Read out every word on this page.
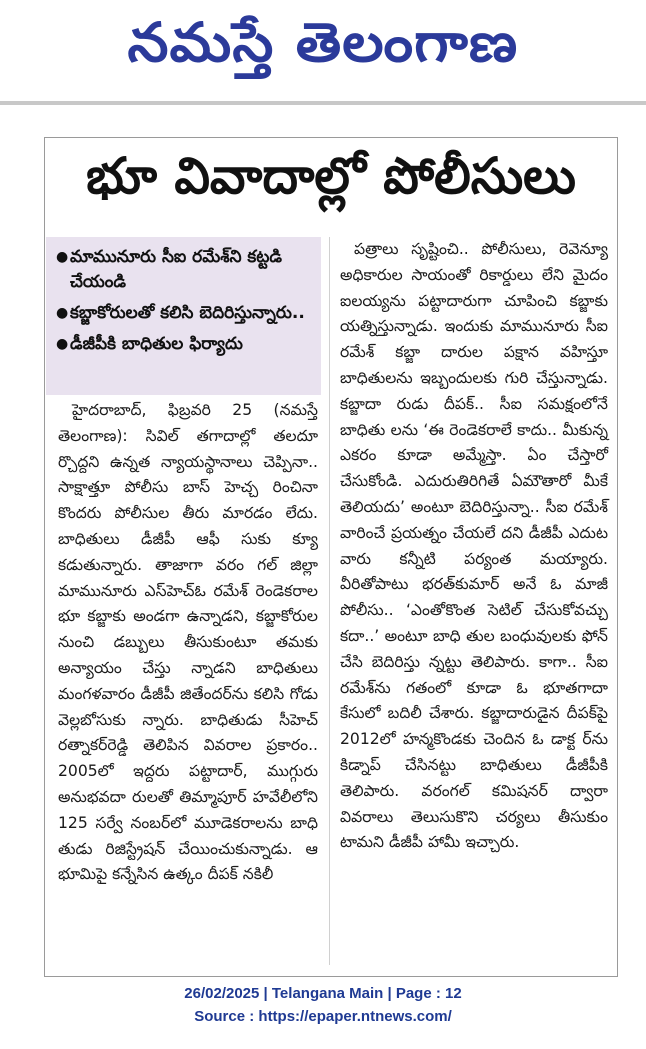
నమస్తే తెలంగాణ
భూ వివాదాల్లో పోలీసులు
● మామునూరు సీఐ రమేశ్‌ని కట్టడి చేయండి
● కబ్జాకోరులతో కలిసి బెదిరిస్తున్నారు..
● డీజీపీకి బాధితుల ఫిర్యాదు

హైదరాబాద్, ఫిబ్రవరి 25 (నమస్తే తెలంగాణ): సివిల్ తగాదాల్లో తలదూ ర్చొద్దని ఉన్నత న్యాయస్థానాలు చెప్పినా.. సాక్షాత్తూ పోలీసు బాస్ హెచ్చ రించినా కొందరు పోలీసుల తీరు మారడం లేదు. బాధితులు డీజీపీ ఆఫీ సుకు క్యూ కడుతున్నారు. తాజాగా వరం గల్ జిల్లా మామునూరు ఎస్‌హెచ్‌ఓ రమేశ్ రెండెకరాల భూ కబ్జాకు అండగా ఉన్నాడని, కబ్జాకోరుల నుంచి డబ్బులు తీసుకుంటూ తమకు అన్యాయం చేస్తు న్నాడని బాధితులు మంగళవారం డీజీపీ జితేందర్‌ను కలిసి గోడు వెల్లబోసుకు న్నారు. బాధితుడు సీహెచ్ రత్నాకర్‌రెడ్డి తెలిపిన వివరాల ప్రకారం.. 2005లో ఇద్దరు పట్టాదార్, ముగ్గురు అనుభవదా రులతో తిమ్మాపూర్ హవేలీలోని 125 సర్వే నంబర్‌లో మూడెకరాలను బాధి తుడు రిజిస్ట్రేషన్ చేయించుకున్నాడు. ఆ భూమిపై కన్నేసిన ఉత్కం దీపక్ నకిలీ

పత్రాలు సృష్టించి.. పోలీసులు, రెవెన్యూ అధికారుల సాయంతో రికార్డులు లేని మైదం ఐలయ్యను పట్టాదారుగా చూపించి కబ్జాకు యత్నిస్తున్నాడు. ఇందుకు మామునూరు సీఐ రమేశ్ కబ్జా దారుల పక్షాన వహిస్తూ బాధితులను ఇబ్బందులకు గురి చేస్తున్నాడు. కబ్జాదా రుడు దీపక్.. సీఐ సమక్షంలోనే బాధితు లను ‘ఈ రెండెకరాలే కాదు.. మీకున్న ఎకరం కూడా అమ్మేస్తా. ఏం చేస్తారో చేసుకోండి. ఎదురుతిరిగితే ఏమౌతారో మీకే తెలియదు’ అంటూ బెదిరిస్తున్నా.. సీఐ రమేశ్ వారించే ప్రయత్నం చేయలే దని డీజీపీ ఎదుట వారు కన్నీటి పర్యంత మయ్యారు. వీరితోపాటు భరత్‌కుమార్ అనే ఓ మాజీ పోలీసు.. ‘ఎంతోకొంత సెటిల్ చేసుకోవచ్చు కదా..’ అంటూ బాధి తుల బంధువులకు ఫోన్ చేసి బెదిరిస్తు న్నట్టు తెలిపారు. కాగా.. సీఐ రమేశ్‌ను గతంలో కూడా ఓ భూతగాదా కేసులో బదిలీ చేశారు. కబ్జాదారుడైన దీపక్‌పై 2012లో హన్మకొండకు చెందిన ఓ డాక్ట ర్‌ను కిడ్నాప్ చేసినట్టు బాధితులు డీజీపీకి తెలిపారు. వరంగల్ కమిషనర్ ద్వారా వివరాలు తెలుసుకొని చర్యలు తీసుకుం టామని డీజీపీ హామీ ఇచ్చారు.

26/02/2025 | Telangana Main | Page : 12
Source : https://epaper.ntnews.com/
